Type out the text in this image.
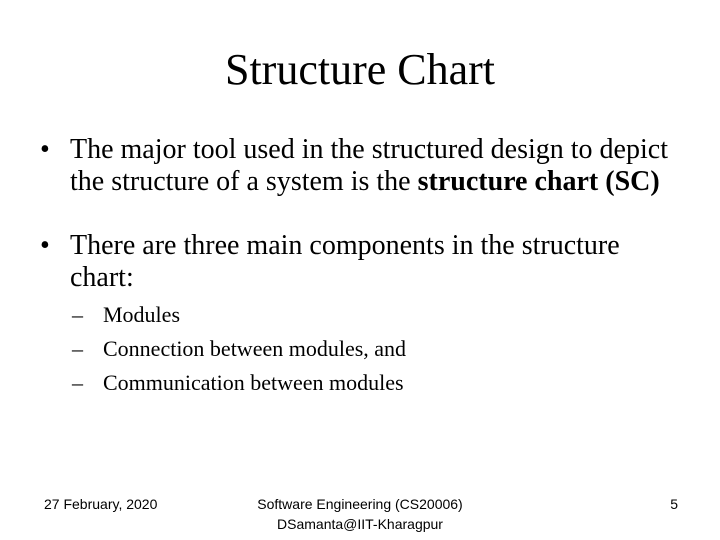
Structure Chart
• The major tool used in the structured design to depict the structure of a system is the structure chart (SC)
• There are three main components in the structure chart:
– Modules
– Connection between modules, and
– Communication between modules
27 February, 2020	Software Engineering (CS20006)
DSamanta@IIT-Kharagpur
5
